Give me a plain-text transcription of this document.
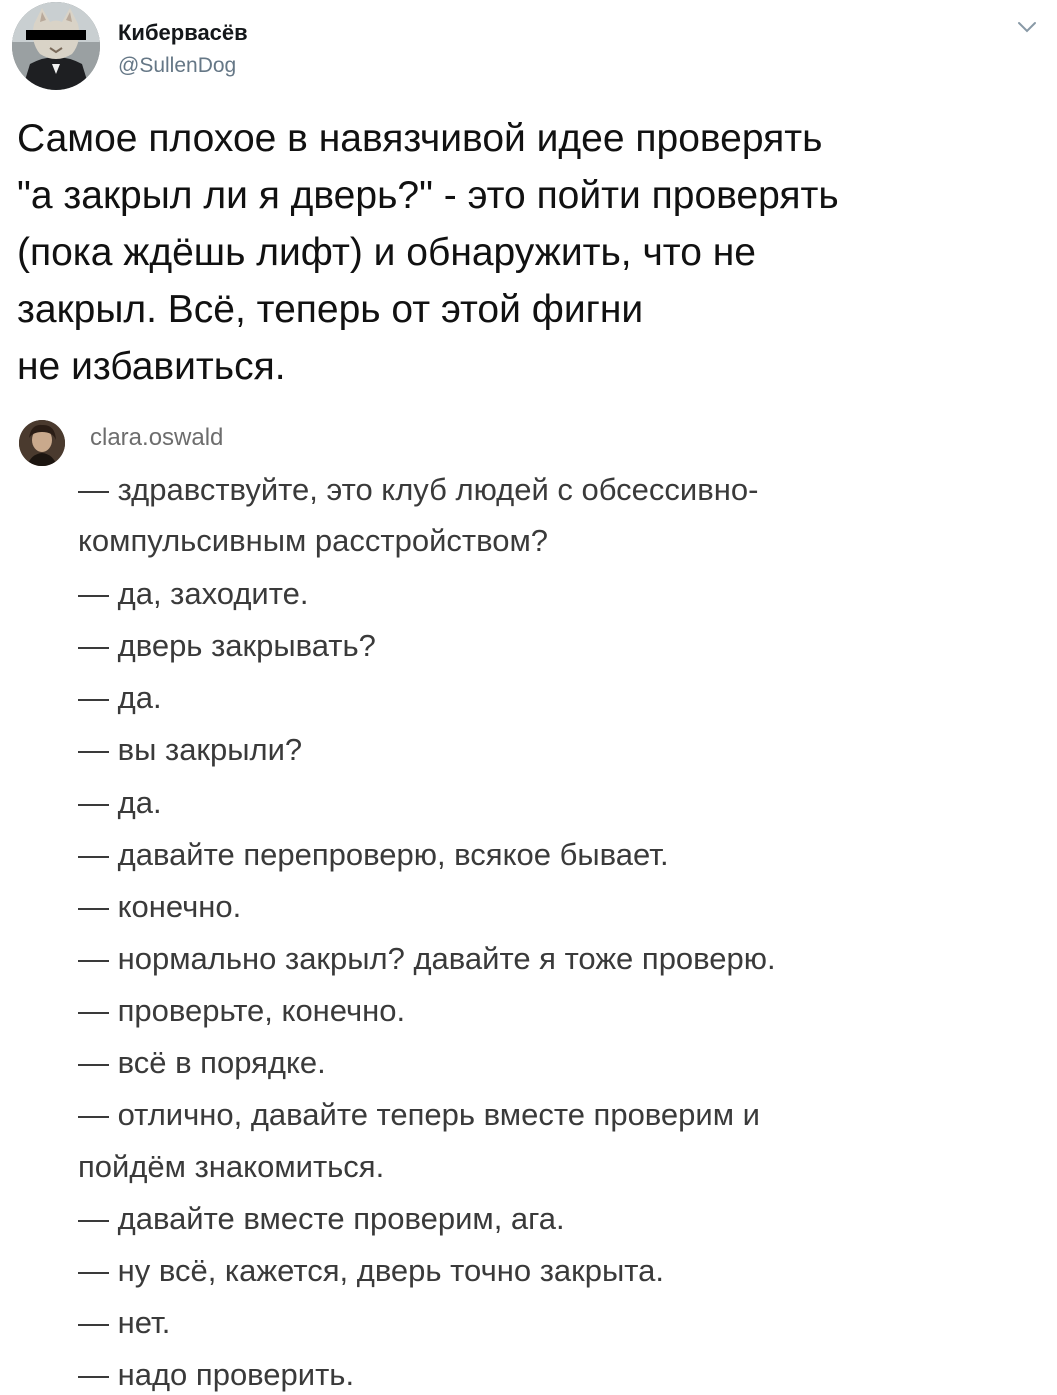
Кибервасёв
@SullenDog

Самое плохое в навязчивой идее проверять
"а закрыл ли я дверь?" - это пойти проверять
(пока ждёшь лифт) и обнаружить, что не
закрыл. Всё, теперь от этой фигни
не избавиться.

clara.oswald
— здравствуйте, это клуб людей с обсессивно-
компульсивным расстройством?
— да, заходите.
— дверь закрывать?
— да.
— вы закрыли?
— да.
— давайте перепроверю, всякое бывает.
— конечно.
— нормально закрыл? давайте я тоже проверю.
— проверьте, конечно.
— всё в порядке.
— отлично, давайте теперь вместе проверим и
пойдём знакомиться.
— давайте вместе проверим, ага.
— ну всё, кажется, дверь точно закрыта.
— нет.
— надо проверить.
